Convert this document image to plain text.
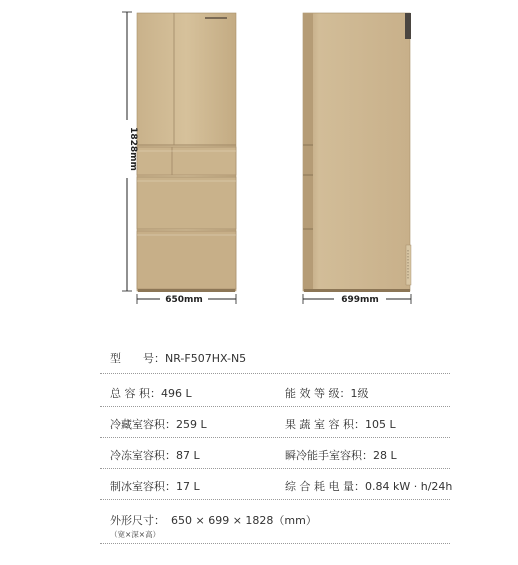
1828mm
650mm	699mm
型　　号：NR-F507HX-N5
总 容 积：496 L	能 效 等 级：1级
冷藏室容积：259 L	果 蔬 室 容 积：105 L
冷冻室容积：87 L	瞬冷能手室容积：28 L
制冰室容积：17 L	综 合 耗 电 量：0.84 kW · h/24h
外形尺寸： 650 × 699 × 1828（mm）
（宽×深×高）
